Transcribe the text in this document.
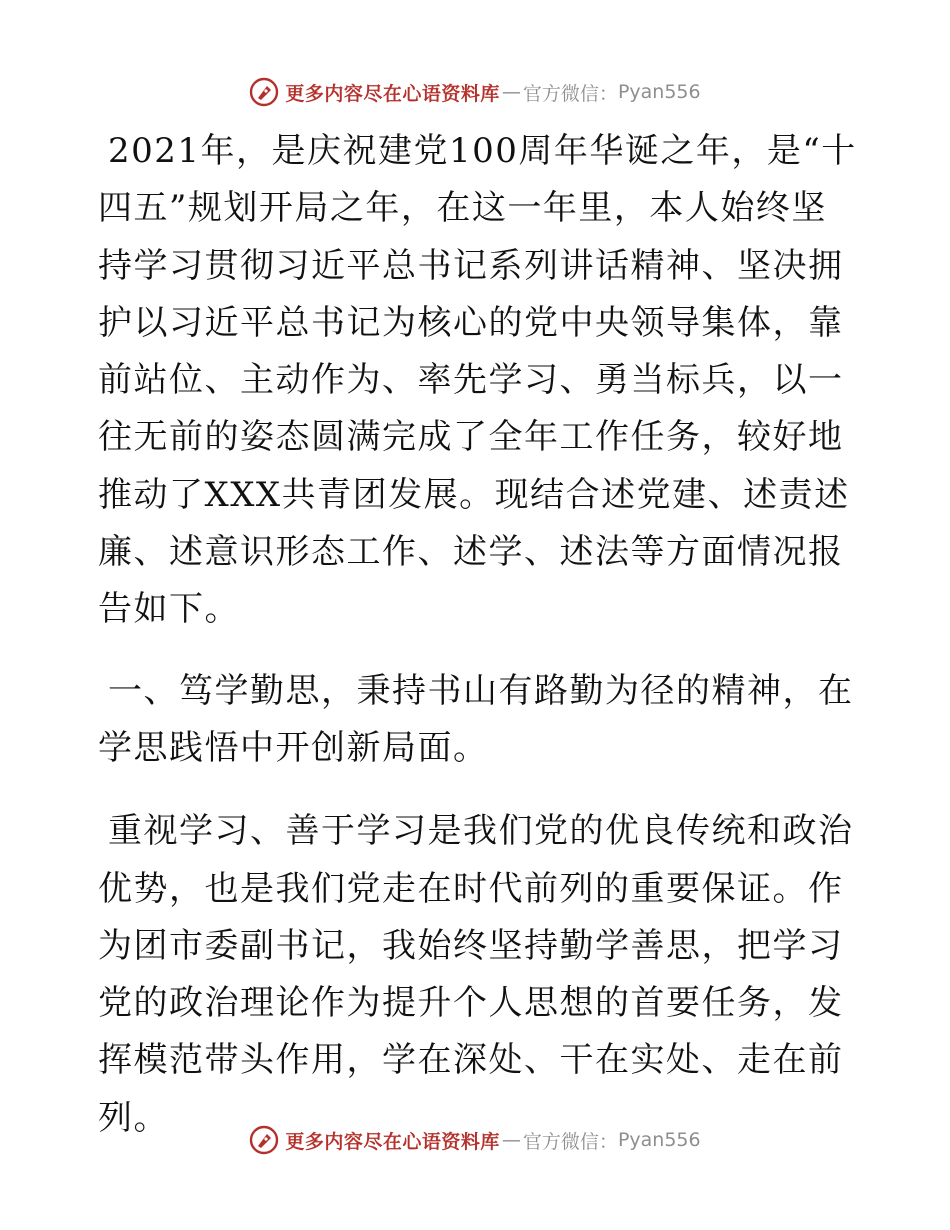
更多内容尽在心语资料库 — 官方微信： Pyan556

2021年，是庆祝建党100周年华诞之年，是“十四五”规划开局之年，在这一年里，本人始终坚持学习贯彻习近平总书记系列讲话精神、坚决拥护以习近平总书记为核心的党中央领导集体，靠前站位、主动作为、率先学习、勇当标兵，以一往无前的姿态圆满完成了全年工作任务，较好地推动了XXX共青团发展。现结合述党建、述责述廉、述意识形态工作、述学、述法等方面情况报告如下。

一、笃学勤思，秉持书山有路勤为径的精神，在学思践悟中开创新局面。

重视学习、善于学习是我们党的优良传统和政治优势，也是我们党走在时代前列的重要保证。作为团市委副书记，我始终坚持勤学善思，把学习党的政治理论作为提升个人思想的首要任务，发挥模范带头作用，学在深处、干在实处、走在前列。

更多内容尽在心语资料库 — 官方微信： Pyan556
